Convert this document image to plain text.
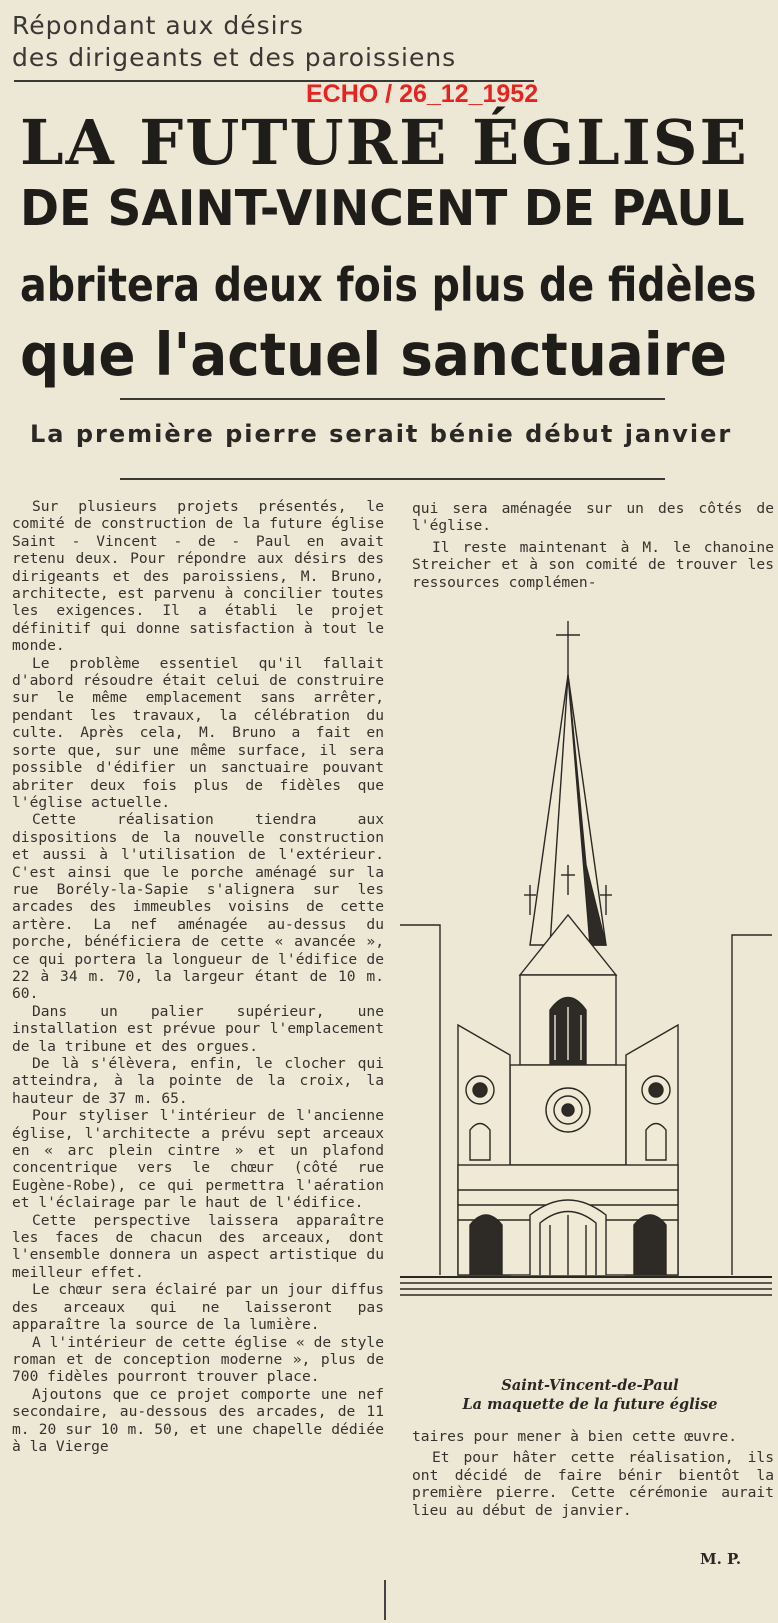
Répondant aux désirs
des dirigeants et des paroissiens
ECHO / 26_12_1952
LA FUTURE ÉGLISE
DE SAINT-VINCENT DE PAUL
abritera deux fois plus de fidèles
que l'actuel sanctuaire
La première pierre serait bénie début janvier

Sur plusieurs projets présentés, le comité de construction de la future église Saint - Vincent - de - Paul en avait retenu deux. Pour répondre aux désirs des dirigeants et des paroissiens, M. Bruno, architecte, est parvenu à concilier toutes les exigences. Il a établi le projet définitif qui donne satisfaction à tout le monde.

Le problème essentiel qu'il fallait d'abord résoudre était celui de construire sur le même emplacement sans arrêter, pendant les travaux, la célébration du culte. Après cela, M. Bruno a fait en sorte que, sur une même surface, il sera possible d'édifier un sanctuaire pouvant abriter deux fois plus de fidèles que l'église actuelle.

Cette réalisation tiendra aux dispositions de la nouvelle construction et aussi à l'utilisation de l'extérieur. C'est ainsi que le porche aménagé sur la rue Borély-la-Sapie s'alignera sur les arcades des immeubles voisins de cette artère. La nef aménagée au-dessus du porche, bénéficiera de cette « avancée », ce qui portera la longueur de l'édifice de 22 à 34 m. 70, la largeur étant de 10 m. 60.

Dans un palier supérieur, une installation est prévue pour l'emplacement de la tribune et des orgues.

De là s'élèvera, enfin, le clocher qui atteindra, à la pointe de la croix, la hauteur de 37 m. 65.

Pour styliser l'intérieur de l'ancienne église, l'architecte a prévu sept arceaux en « arc plein cintre » et un plafond concentrique vers le chœur (côté rue Eugène-Robe), ce qui permettra l'aération et l'éclairage par le haut de l'édifice.

Cette perspective laissera apparaître les faces de chacun des arceaux, dont l'ensemble donnera un aspect artistique du meilleur effet.

Le chœur sera éclairé par un jour diffus des arceaux qui ne laisseront pas apparaître la source de la lumière.

A l'intérieur de cette église « de style roman et de conception moderne », plus de 700 fidèles pourront trouver place.

Ajoutons que ce projet comporte une nef secondaire, au-dessous des arcades, de 11 m. 20 sur 10 m. 50, et une chapelle dédiée à la Vierge

qui sera aménagée sur un des côtés de l'église.

Il reste maintenant à M. le chanoine Streicher et à son comité de trouver les ressources complémen-

Saint-Vincent-de-Paul
La maquette de la future église

taires pour mener à bien cette œuvre.

Et pour hâter cette réalisation, ils ont décidé de faire bénir bientôt la première pierre. Cette cérémonie aurait lieu au début de janvier.

M. P.
